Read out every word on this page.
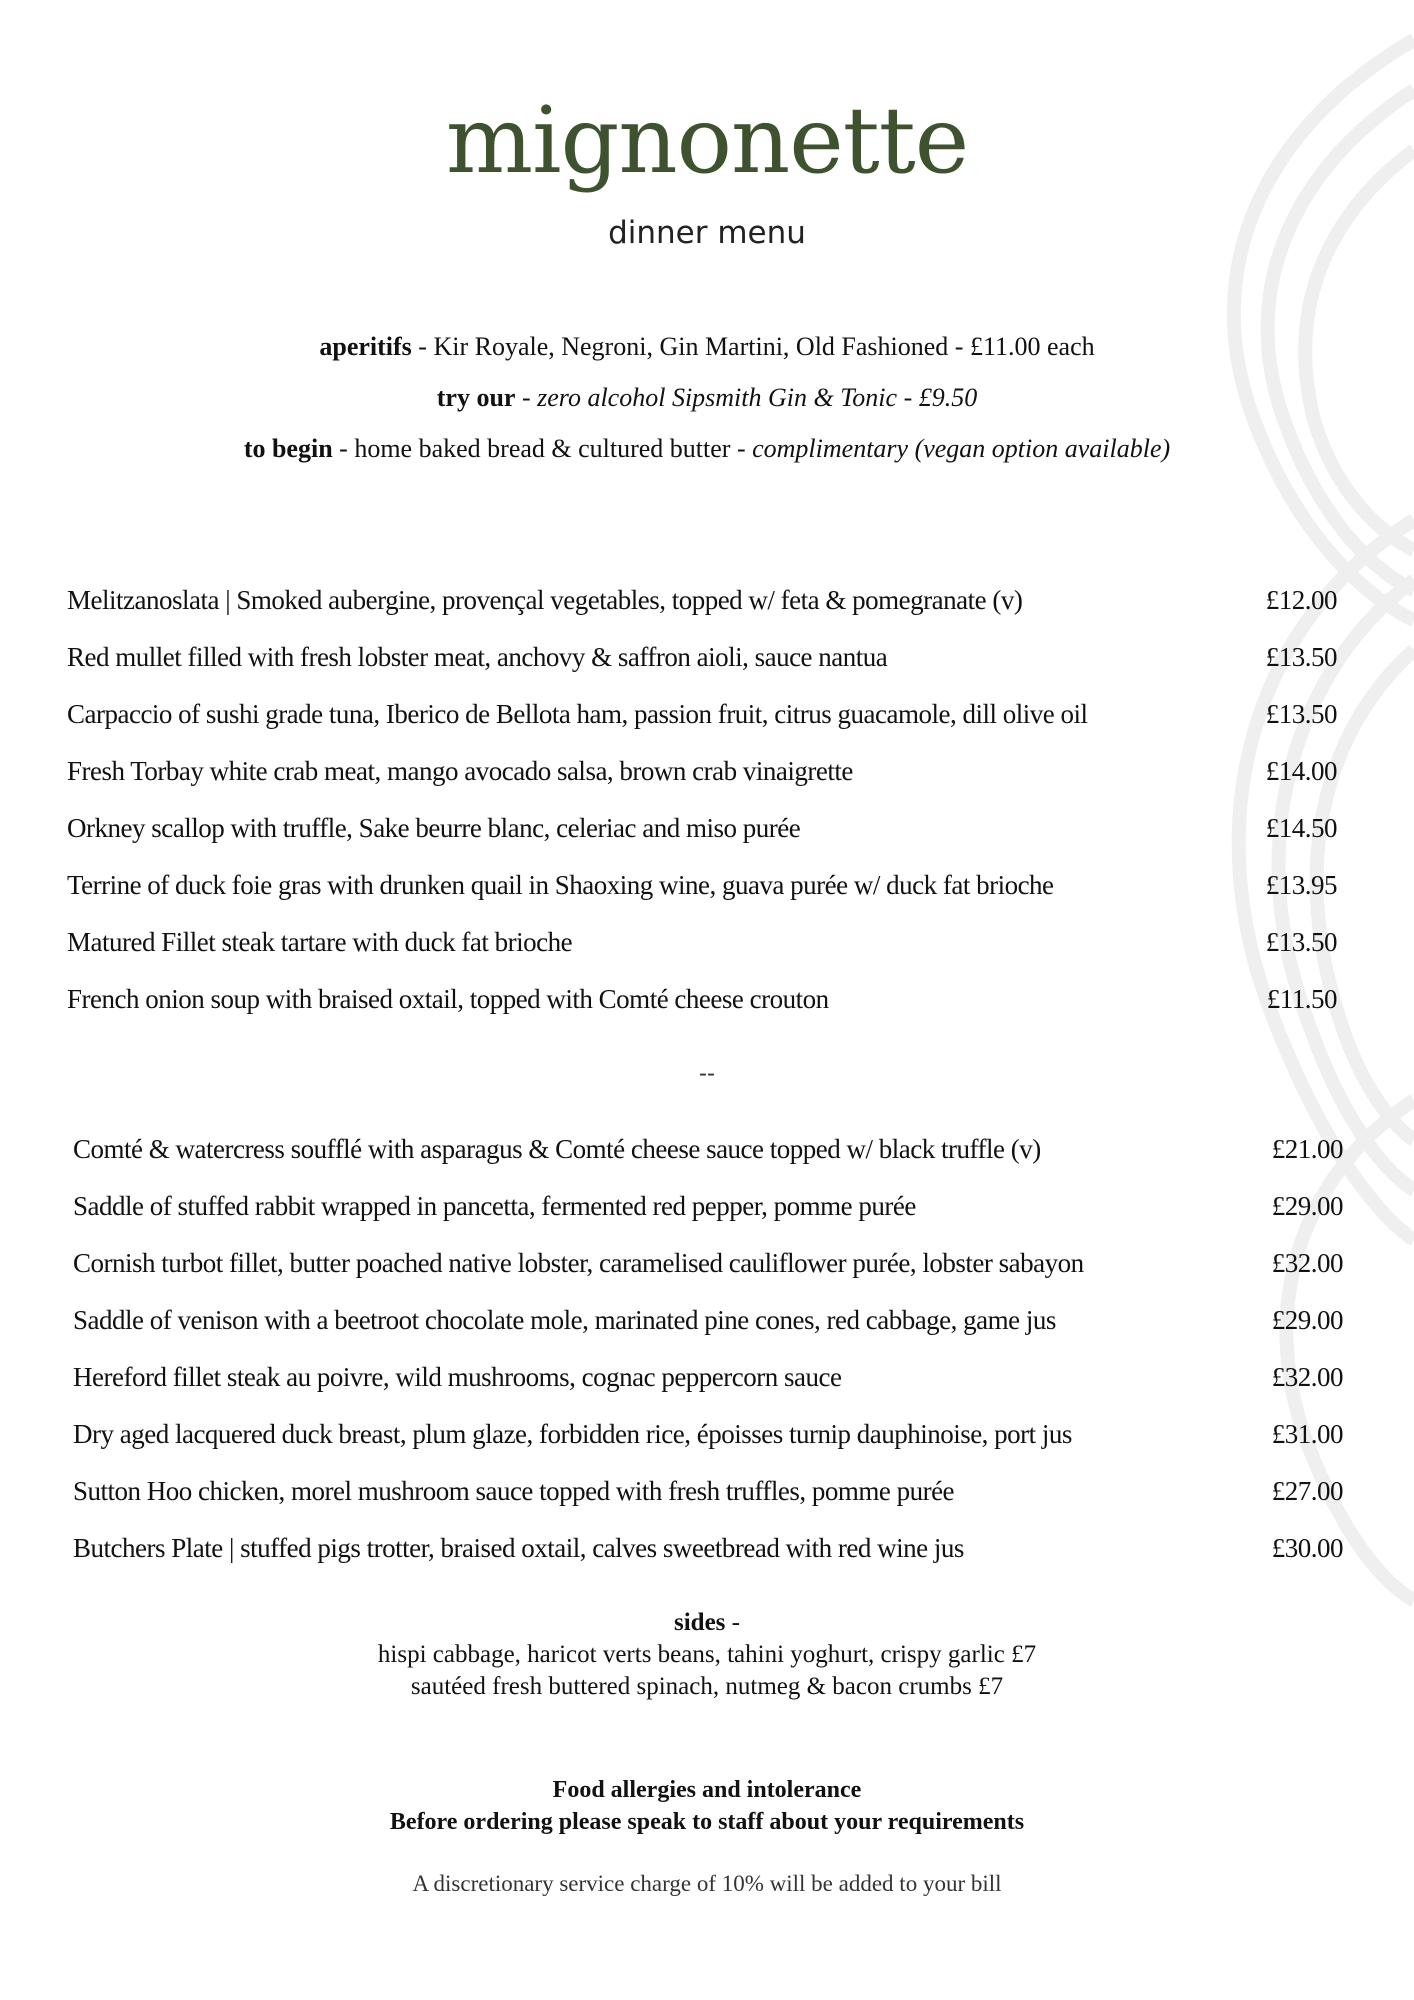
mignonette
dinner menu
aperitifs - Kir Royale, Negroni, Gin Martini, Old Fashioned - £11.00 each
try our - zero alcohol Sipsmith Gin & Tonic - £9.50
to begin - home baked bread & cultured butter - complimentary (vegan option available)
Melitzanoslata | Smoked aubergine, provençal vegetables, topped w/ feta & pomegranate (v)	£12.00
Red mullet filled with fresh lobster meat, anchovy & saffron aioli, sauce nantua	£13.50
Carpaccio of sushi grade tuna, Iberico de Bellota ham, passion fruit, citrus guacamole, dill olive oil	£13.50
Fresh Torbay white crab meat, mango avocado salsa, brown crab vinaigrette	£14.00
Orkney scallop with truffle, Sake beurre blanc, celeriac and miso purée	£14.50
Terrine of duck foie gras with drunken quail in Shaoxing wine, guava purée w/ duck fat brioche	£13.95
Matured Fillet steak tartare with duck fat brioche	£13.50
French onion soup with braised oxtail, topped with Comté cheese crouton	£11.50
--
Comté & watercress soufflé with asparagus & Comté cheese sauce topped w/ black truffle (v)	£21.00
Saddle of stuffed rabbit wrapped in pancetta, fermented red pepper, pomme purée	£29.00
Cornish turbot fillet, butter poached native lobster, caramelised cauliflower purée, lobster sabayon	£32.00
Saddle of venison with a beetroot chocolate mole, marinated pine cones, red cabbage, game jus	£29.00
Hereford fillet steak au poivre, wild mushrooms, cognac peppercorn sauce	£32.00
Dry aged lacquered duck breast, plum glaze, forbidden rice, époisses turnip dauphinoise, port jus	£31.00
Sutton Hoo chicken, morel mushroom sauce topped with fresh truffles, pomme purée	£27.00
Butchers Plate | stuffed pigs trotter, braised oxtail, calves sweetbread with red wine jus	£30.00
sides -
hispi cabbage, haricot verts beans, tahini yoghurt, crispy garlic £7
sautéed fresh buttered spinach, nutmeg & bacon crumbs £7
Food allergies and intolerance
Before ordering please speak to staff about your requirements
A discretionary service charge of 10% will be added to your bill
